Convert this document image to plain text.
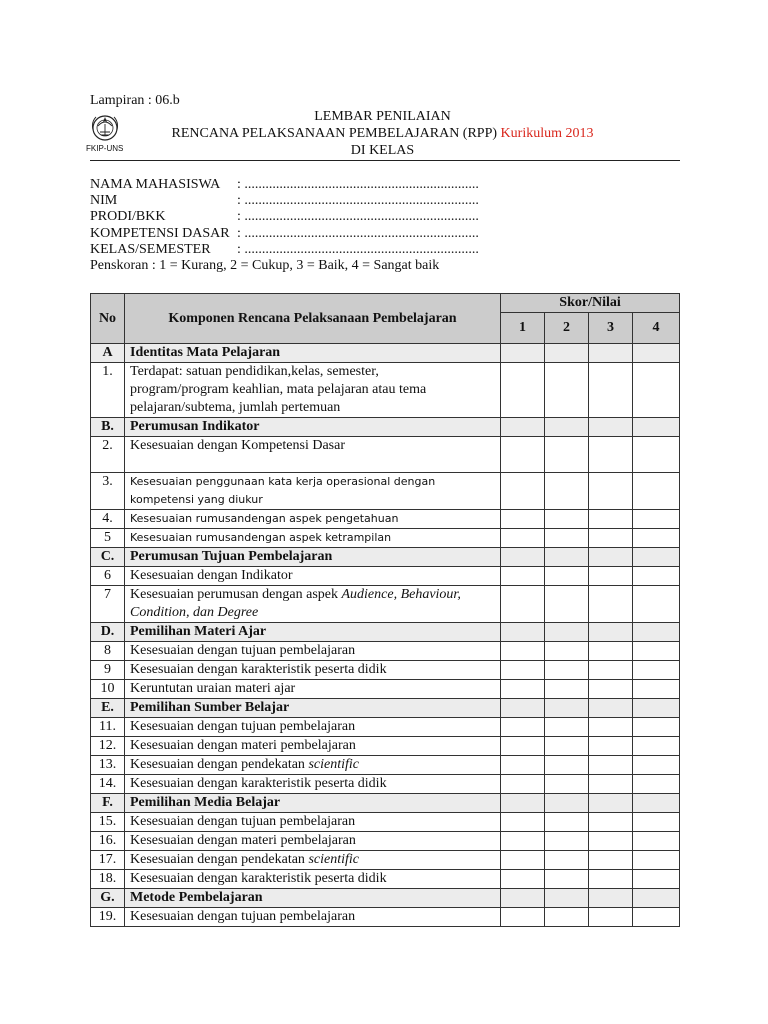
Lampiran : 06.b
FKIP-UNS
LEMBAR PENILAIAN
RENCANA PELAKSANAAN PEMBELAJARAN (RPP) Kurikulum 2013
DI KELAS
NAMA MAHASISWA	: ...................................................................
NIM	: ...................................................................
PRODI/BKK	: ...................................................................
KOMPETENSI DASAR : ...................................................................
KELAS/SEMESTER	: ...................................................................
Penskoran : 1 = Kurang, 2 = Cukup, 3 = Baik, 4 = Sangat baik
No	Komponen Rencana Pelaksanaan Pembelajaran	Skor/Nilai			
		1	2	3	4
A	Identitas Mata Pelajaran				
1.	Terdapat: satuan pendidikan,kelas, semester,
program/program keahlian, mata pelajaran atau tema
pelajaran/subtema, jumlah pertemuan				

B.	Perumusan Indikator				
2.	Kesesuaian dengan Kompetensi Dasar				
3.	Kesesuaian penggunaan kata kerja operasional dengan
kompetensi yang diukur				

4.	Kesesuaian rumusandengan aspek pengetahuan				
5	Kesesuaian rumusandengan aspek ketrampilan				
C.	Perumusan Tujuan Pembelajaran				
6	Kesesuaian dengan Indikator				
7	Kesesuaian perumusan dengan aspek Audience, Behaviour,
Condition, dan Degree				
D.	Pemilihan Materi Ajar				
8	Kesesuaian dengan tujuan pembelajaran				
9	Kesesuaian dengan karakteristik peserta didik				
10	Keruntutan uraian materi ajar				
E.	Pemilihan Sumber Belajar				
11.	Kesesuaian dengan tujuan pembelajaran				
12.	Kesesuaian dengan materi pembelajaran				
13.	Kesesuaian dengan pendekatan scientific				
14.	Kesesuaian dengan karakteristik peserta didik				
F.	Pemilihan Media Belajar				
15.	Kesesuaian dengan tujuan pembelajaran				
16.	Kesesuaian dengan materi pembelajaran				
17.	Kesesuaian dengan pendekatan scientific				
18.	Kesesuaian dengan karakteristik peserta didik				
G.	Metode Pembelajaran				
19.	Kesesuaian dengan tujuan pembelajaran				
